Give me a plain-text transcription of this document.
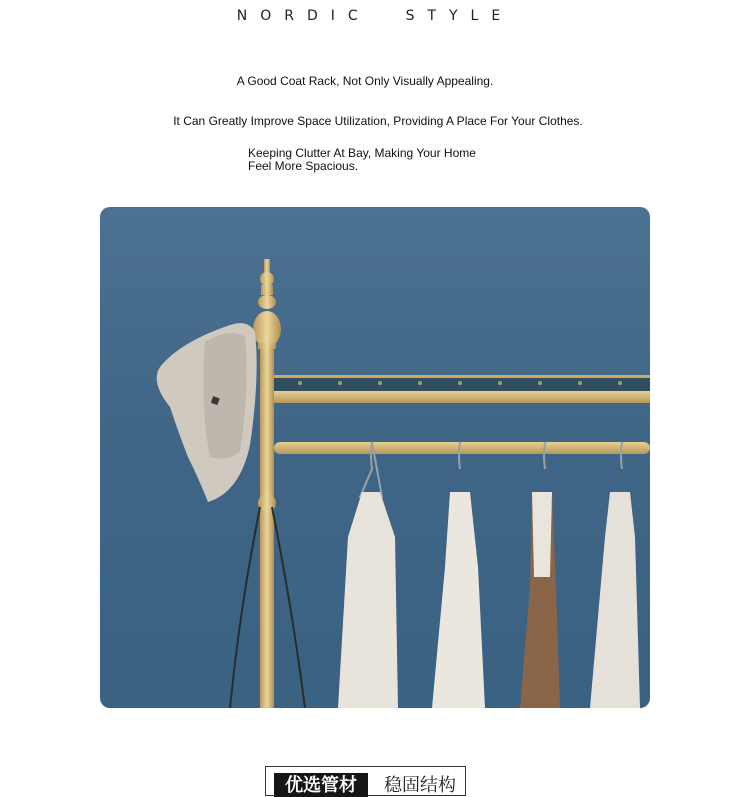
NORDIC  STYLE
A Good Coat Rack, Not Only Visually Appealing.
It Can Greatly Improve Space Utilization, Providing A Place For Your Clothes.
Keeping Clutter At Bay, Making Your Home
Feel More Spacious.
优选管材	稳固结构
